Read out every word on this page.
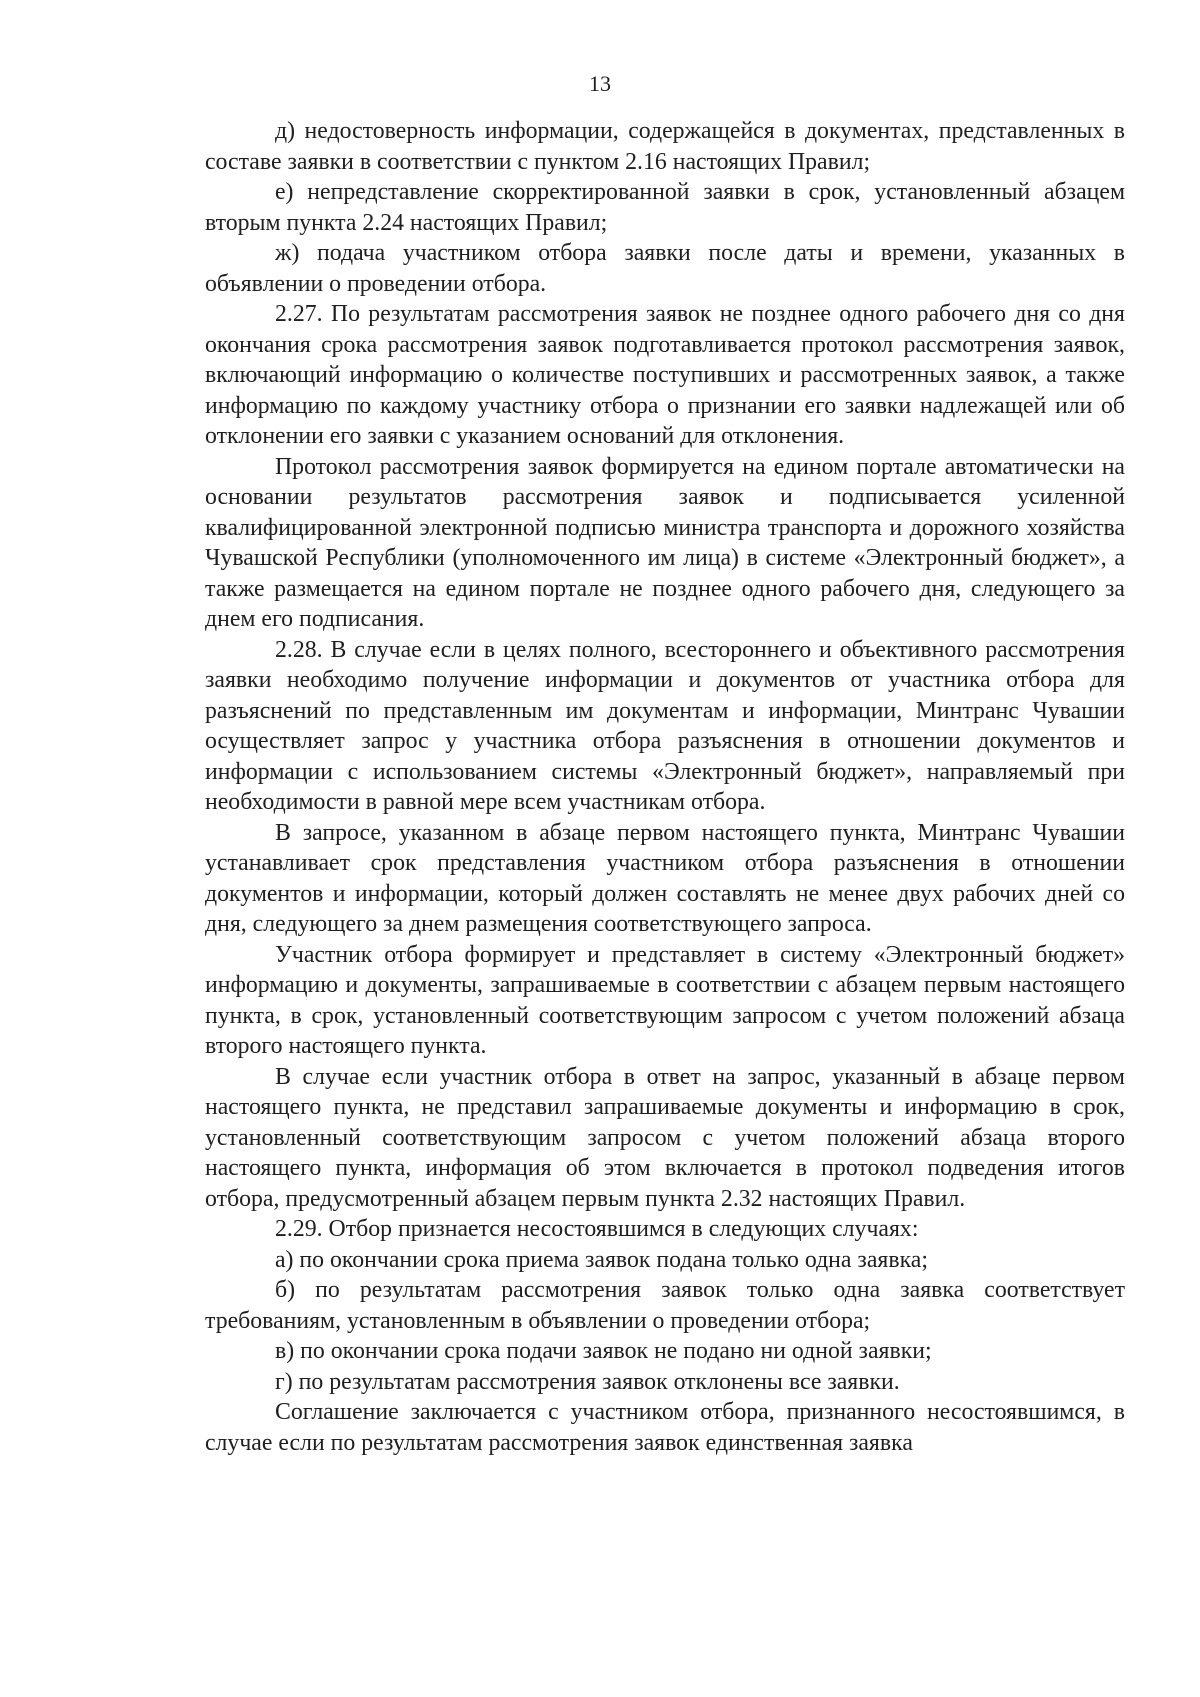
13

д) недостоверность информации, содержащейся в документах, представленных в составе заявки в соответствии с пунктом 2.16 настоящих Правил;

е) непредставление скорректированной заявки в срок, установленный абзацем вторым пункта 2.24 настоящих Правил;

ж) подача участником отбора заявки после даты и времени, указанных в объявлении о проведении отбора.

2.27. По результатам рассмотрения заявок не позднее одного рабочего дня со дня окончания срока рассмотрения заявок подготавливается протокол рассмотрения заявок, включающий информацию о количестве поступивших и рассмотренных заявок, а также информацию по каждому участнику отбора о признании его заявки надлежащей или об отклонении его заявки с указанием оснований для отклонения.

Протокол рассмотрения заявок формируется на едином портале автоматически на основании результатов рассмотрения заявок и подписывается усиленной квалифицированной электронной подписью министра транспорта и дорожного хозяйства Чувашской Республики (уполномоченного им лица) в системе «Электронный бюджет», а также размещается на едином портале не позднее одного рабочего дня, следующего за днем его подписания.

2.28. В случае если в целях полного, всестороннего и объективного рассмотрения заявки необходимо получение информации и документов от участника отбора для разъяснений по представленным им документам и информации, Минтранс Чувашии осуществляет запрос у участника отбора разъяснения в отношении документов и информации с использованием системы «Электронный бюджет», направляемый при необходимости в равной мере всем участникам отбора.

В запросе, указанном в абзаце первом настоящего пункта, Минтранс Чувашии устанавливает срок представления участником отбора разъяснения в отношении документов и информации, который должен составлять не менее двух рабочих дней со дня, следующего за днем размещения соответствующего запроса.

Участник отбора формирует и представляет в систему «Электронный бюджет» информацию и документы, запрашиваемые в соответствии с абзацем первым настоящего пункта, в срок, установленный соответствующим запросом с учетом положений абзаца второго настоящего пункта.

В случае если участник отбора в ответ на запрос, указанный в абзаце первом настоящего пункта, не представил запрашиваемые документы и информацию в срок, установленный соответствующим запросом с учетом положений абзаца второго настоящего пункта, информация об этом включается в протокол подведения итогов отбора, предусмотренный абзацем первым пункта 2.32 настоящих Правил.

2.29. Отбор признается несостоявшимся в следующих случаях:

а) по окончании срока приема заявок подана только одна заявка;

б) по результатам рассмотрения заявок только одна заявка соответствует требованиям, установленным в объявлении о проведении отбора;

в) по окончании срока подачи заявок не подано ни одной заявки;

г) по результатам рассмотрения заявок отклонены все заявки.

Соглашение заключается с участником отбора, признанного несостоявшимся, в случае если по результатам рассмотрения заявок единственная заявка
